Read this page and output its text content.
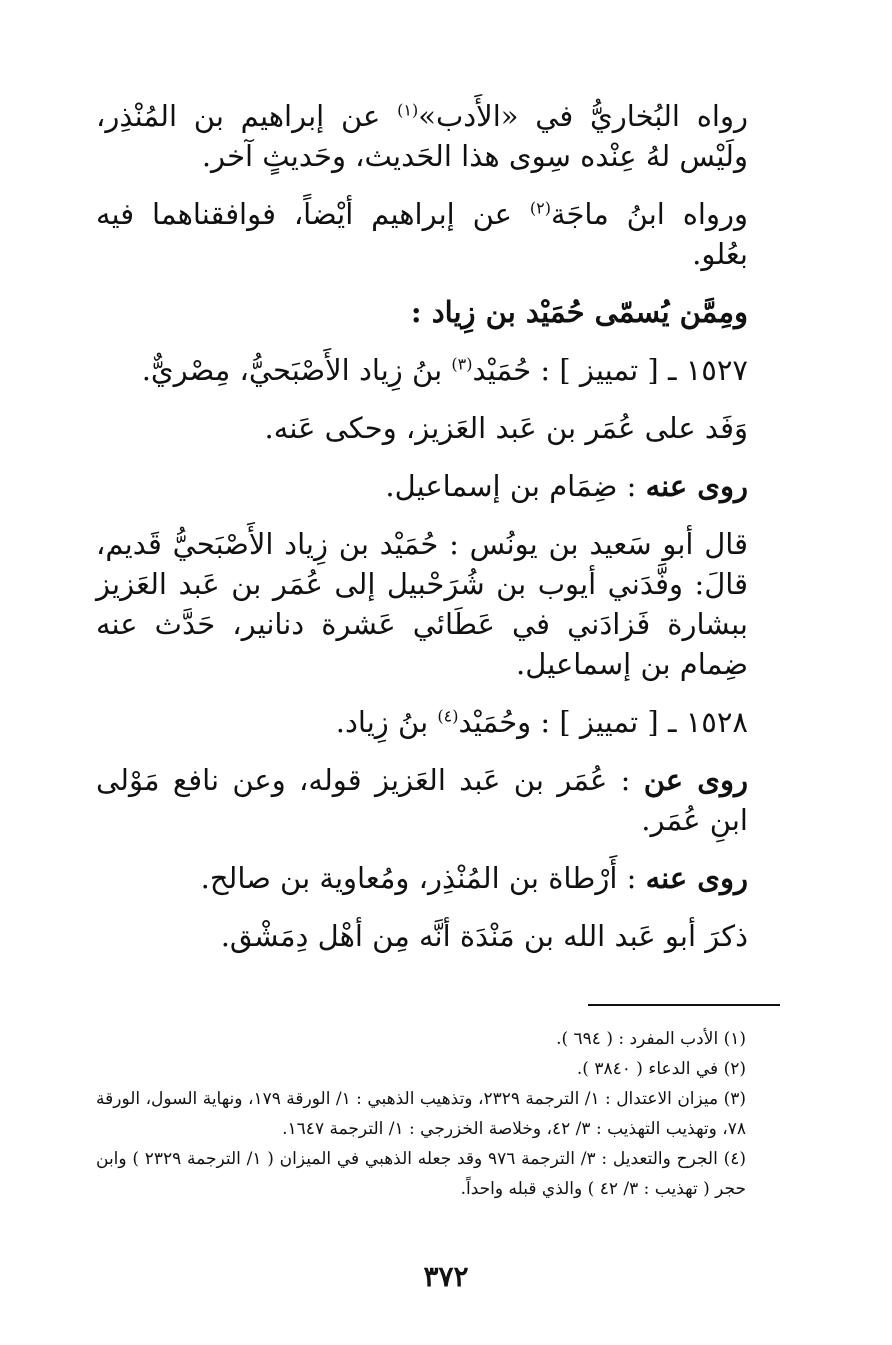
رواه البُخاريُّ في «الأَدب»$^{(١)}$ عن إبراهيم بن المُنْذِر، ولَيْس لهُ عِنْده سِوى هذا الحَديث، وحَديثٍ آخر.

ورواه ابنُ ماجَة$^{(٢)}$ عن إبراهيم أيْضاً، فوافقناهما فيه بعُلو.

ومِمَّن يُسمّى حُمَيْد بن زِياد :

١٥٢٧ ـ [ تمييز ] : حُمَيْد$^{(٣)}$ بنُ زِياد الأَصْبَحيُّ، مِصْريٌّ.

وَفَد على عُمَر بن عَبد العَزيز، وحكى عَنه.

روى عنه : ضِمَام بن إسماعيل.

قال أبو سَعيد بن يونُس : حُمَيْد بن زِياد الأَصْبَحيُّ قَديم، قالَ: وفَّدَني أيوب بن شُرَحْبيل إلى عُمَر بن عَبد العَزيز ببشارة فَزادَني في عَطَائي عَشرة دنانير، حَدَّث عنه ضِمام بن إسماعيل.

١٥٢٨ ـ [ تمييز ] : وحُمَيْد$^{(٤)}$ بنُ زِياد.

روى عن : عُمَر بن عَبد العَزيز قوله، وعن نافع مَوْلى ابنِ عُمَر.

روى عنه : أَرْطاة بن المُنْذِر، ومُعاوية بن صالح.

ذكرَ أبو عَبد الله بن مَنْدَة أنَّه مِن أهْل دِمَشْق.

(١) الأدب المفرد : ( ٦٩٤ ).

(٢) في الدعاء ( ٣٨٤٠ ).

(٣) ميزان الاعتدال : ١/ الترجمة ٢٣٢٩، وتذهيب الذهبي : ١/ الورقة ١٧٩، ونهاية السول، الورقة ٧٨، وتهذيب التهذيب : ٣/ ٤٢، وخلاصة الخزرجي : ١/ الترجمة ١٦٤٧.

(٤) الجرح والتعديل : ٣/ الترجمة ٩٧٦ وقد جعله الذهبي في الميزان ( ١/ الترجمة ٢٣٢٩ ) وابن حجر ( تهذيب : ٣/ ٤٢ ) والذي قبله واحداً.

٣٧٢
